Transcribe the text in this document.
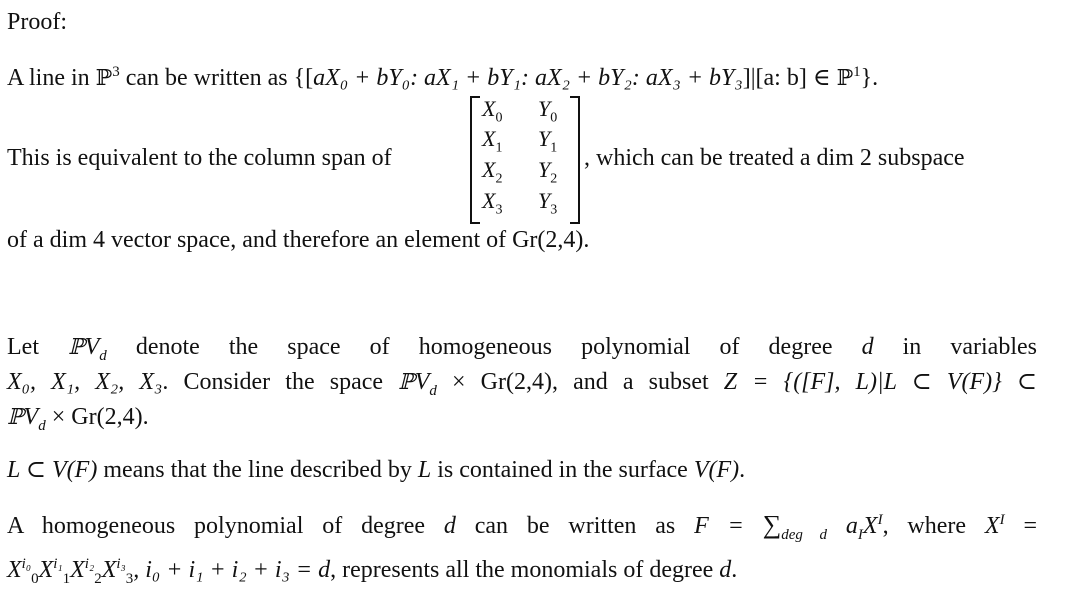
Proof:
A line in ℙ$^3$ can be written as {[aX₀ + bY₀: aX₁ + bY₁: aX₂ + bY₂: aX₃ + bY₃]|[a: b] ∈ ℙ$^1$}.
This is equivalent to the column span of
$X_0$ $Y_0$
$X_1$ $Y_1$
$X_2$ $Y_2$
$X_3$ $Y_3$
, which can be treated a dim 2 subspace
of a dim 4 vector space, and therefore an element of Gr(2,4).
Let ℙV$_d$ denote the space of homogeneous polynomial of degree d in variables
X₀, X₁, X₂, X₃. Consider the space ℙV$_d$ × Gr(2,4), and a subset Z = {([F], L)|L ⊂ V(F)} ⊂
ℙV$_d$ × Gr(2,4).
L ⊂ V(F) means that the line described by L is contained in the surface V(F).
A homogeneous polynomial of degree d can be written as $F = \sum_{deg d}$ $a_IX^I$, where $X^I$ =
$X^{i_0}_0X^{i_1}_1X^{i_2}_2X^{i_3}_3$, i₀ + i₁ + i₂ + i₃ = d, represents all the monomials of degree d.
